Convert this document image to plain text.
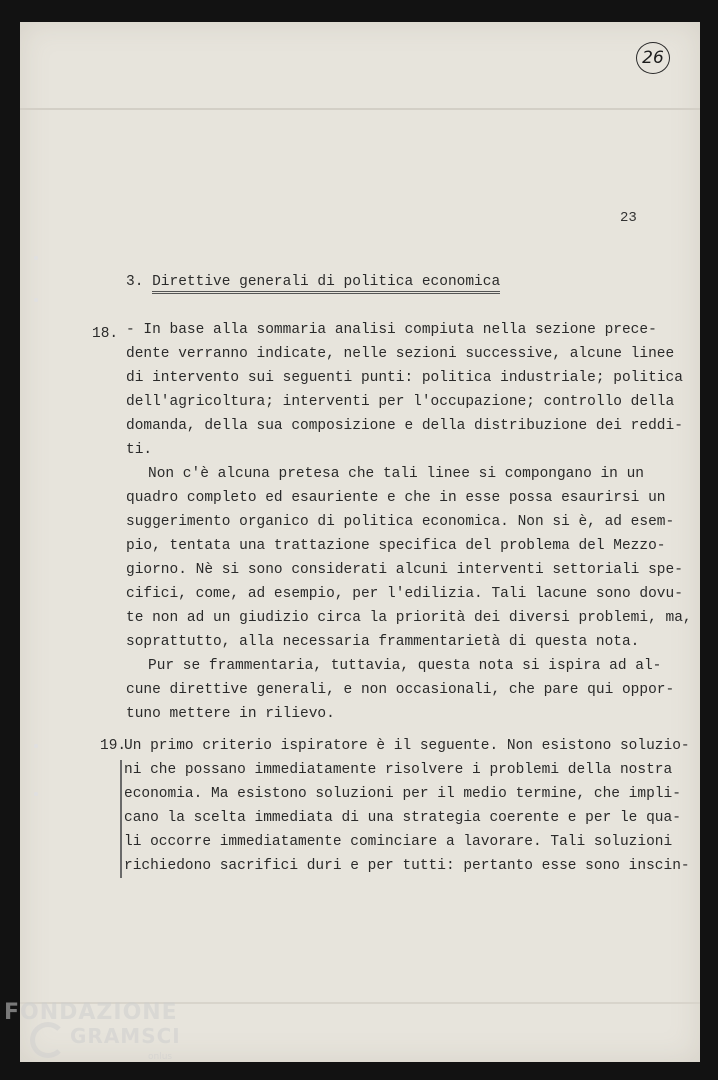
26
23
3. Direttive generali di politica economica
18. - In base alla sommaria analisi compiuta nella sezione prece-
dente verranno indicate, nelle sezioni successive, alcune linee
di intervento sui seguenti punti: politica industriale; politica
dell'agricoltura; interventi per l'occupazione; controllo della
domanda, della sua composizione e della distribuzione dei reddi-
ti.
Non c'è alcuna pretesa che tali linee si compongano in un
quadro completo ed esauriente e che in esse possa esaurirsi un
suggerimento organico di politica economica. Non si è, ad esem-
pio, tentata una trattazione specifica del problema del Mezzo-
giorno. Nè si sono considerati alcuni interventi settoriali spe-
cifici, come, ad esempio, per l'edilizia. Tali lacune sono dovu-
te non ad un giudizio circa la priorità dei diversi problemi, ma,
soprattutto, alla necessaria frammentarietà di questa nota.
Pur se frammentaria, tuttavia, questa nota si ispira ad al-
cune direttive generali, e non occasionali, che pare qui oppor-
tuno mettere in rilievo.
19.
Un primo criterio ispiratore è il seguente. Non esistono soluzio-
ni che possano immediatamente risolvere i problemi della nostra
economia. Ma esistono soluzioni per il medio termine, che impli-
cano la scelta immediata di una strategia coerente e per le qua-
li occorre immediatamente cominciare a lavorare. Tali soluzioni
richiedono sacrifici duri e per tutti: pertanto esse sono inscin-
FONDAZIONE
GRAMSCI
onlus
